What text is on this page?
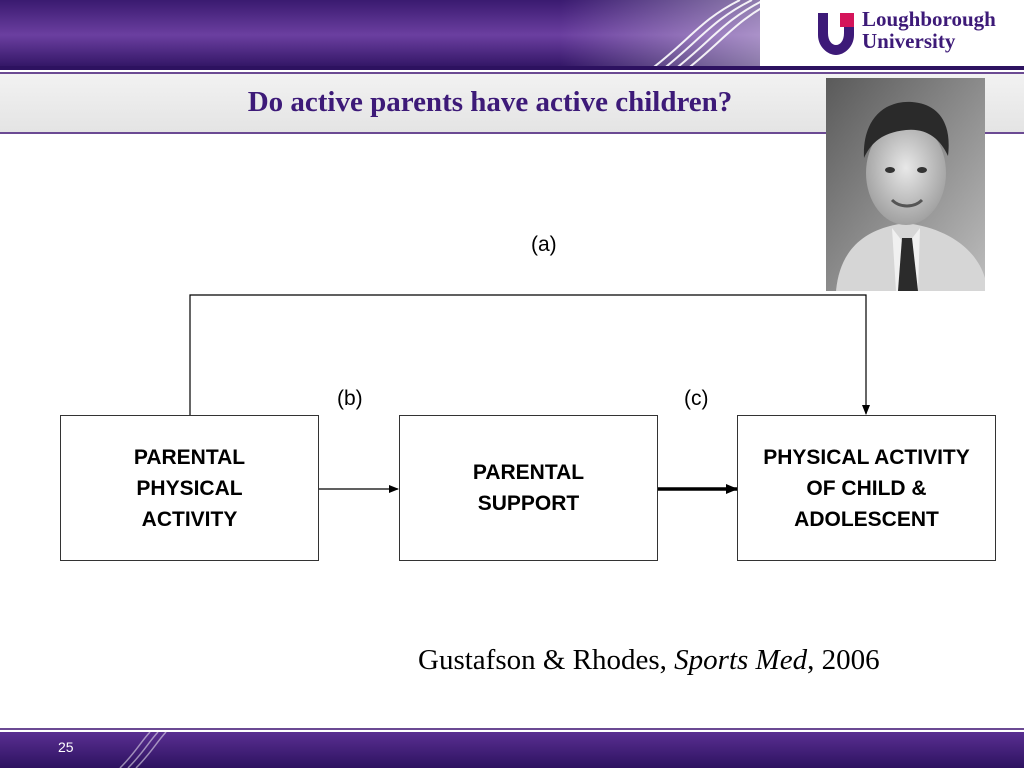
Loughborough
University
Do active parents have active children?
(a)
(b)	(c)
PARENTAL
PHYSICAL
ACTIVITY
PARENTAL
SUPPORT
PHYSICAL ACTIVITY
OF CHILD &
ADOLESCENT
Gustafson & Rhodes, Sports Med, 2006
25
